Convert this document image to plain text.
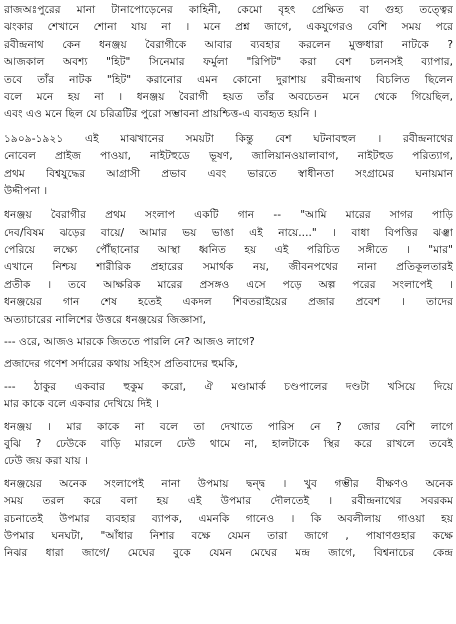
রাজঅঃপুরের মানা টানাপোড়েনের কাহিনী, কেমো বৃহৎ প্রেক্ষিত বা গুহ্য তত্ত্বের
ঝংকার শেখানে শোনা যায় না । মনে প্রশ্ন জাগে, একযুগেরও বেশি সময় পরে
রবীন্দ্রনাথ কেন ধনঞ্জয় বৈরাগীকে আবার ব্যবহার করলেন মুক্তধারা নাটকে ?
আজকাল অবশ্য "হিট" সিনেমার ফর্মুলা "রিপিট" করা বেশ চলনসই ব্যাপার,
তবে তাঁর নাটক "হিট" করানোর এমন কোনো দুরাশায় রবীন্দ্রনাথ বিচলিত ছিলেন
বলে মনে হয় না । ধনঞ্জয় বৈরাগী হয়ত তাঁর অবচেতন মনে থেকে গিয়েছিল,
এবং এও মনে ছিল যে চরিত্রটির পুরো সম্ভাবনা প্রায়শ্চিত্ত-এ ব্যবহৃত হয়নি ।
১৯০৯-১৯২১ এই মাঝখানের সময়টা কিন্তু বেশ ঘটনাবহুল । রবীন্দ্রনাথের
নোবেল প্রাইজ পাওয়া, নাইটহুডে ভূষণ, জালিয়ানওয়ালাবাগ, নাইটহুড পরিত্যাগ,
প্রথম বিশ্বযুদ্ধের আগ্রাসী প্রভাব এবং ভারতে স্বাধীনতা সংগ্রামের ঘনায়মান
উদ্দীপনা ।
ধনঞ্জয় বৈরাগীর প্রথম সংলাপ একটি গান -- "আমি মারের সাগর পাড়ি
দেব/বিষম ঝড়ের বায়ে/ আমার ভয় ভাঙা এই নায়ে...." । বাধা বিপত্তির ঝঞ্ঝা
পেরিয়ে লক্ষ্যে পৌঁছানোর আস্থা ধ্বনিত হয় এই পরিচিত সঙ্গীতে । "মার"
এখানে নিশ্চয় শারীরিক প্রহারের সমার্থক নয়, জীবনপথের নানা প্রতিকূলতারই
প্রতীক । তবে আক্ষরিক মারের প্রসঙ্গও এসে পড়ে অল্প পরের সংলাপেই ।
ধনঞ্জয়ের গান শেষ হতেই একদল শিবতরাইয়ের প্রজার প্রবেশ । তাদের
অত্যাচারের নালিশের উত্তরে ধনঞ্জয়ের জিজ্ঞাসা,
--- ওরে, আজও মারকে জিততে পারলি নে? আজও লাগে?
প্রজাদের গণেশ সর্দারের কথায় সহিংস প্রতিবাদের হুমকি,
--- ঠাকুর একবার হুকুম করো, ঐ মণ্ডামার্ক চণ্ডপালের দণ্ডটা খসিয়ে দিয়ে
মার কাকে বলে একবার দেখিয়ে দিই ।
ধনঞ্জয় । মার কাকে না বলে তা দেখাতে পারিস নে ? জোর বেশি লাগে
বুঝি ? ঢেউকে বাড়ি মারলে ঢেউ থামে না, হালটাকে স্থির করে রাখলে তবেই
ঢেউ জয় করা যায় ।
ধনঞ্জয়ের অনেক সংলাপেই নানা উপমায় দ্বন্দ্ব । খুব গম্ভীর বীক্ষণও অনেক
সময় তরল করে বলা হয় এই উপমার দৌলতেই । রবীন্দ্রনাথের সবরকম
রচনাতেই উপমার ব্যবহার ব্যাপক, এমনকি গানেও । কি অবলীলায় গাওয়া হয়
উপমার ঘনঘটা, "আঁধার নিশার বক্ষে যেমন তারা জাগে , পাষাণগুহার কক্ষে
নিঝর ধারা জাগে/ মেঘের বুকে যেমন মেঘের মন্দ্র জাগে, বিশ্বনাচের কেন্দ্র
